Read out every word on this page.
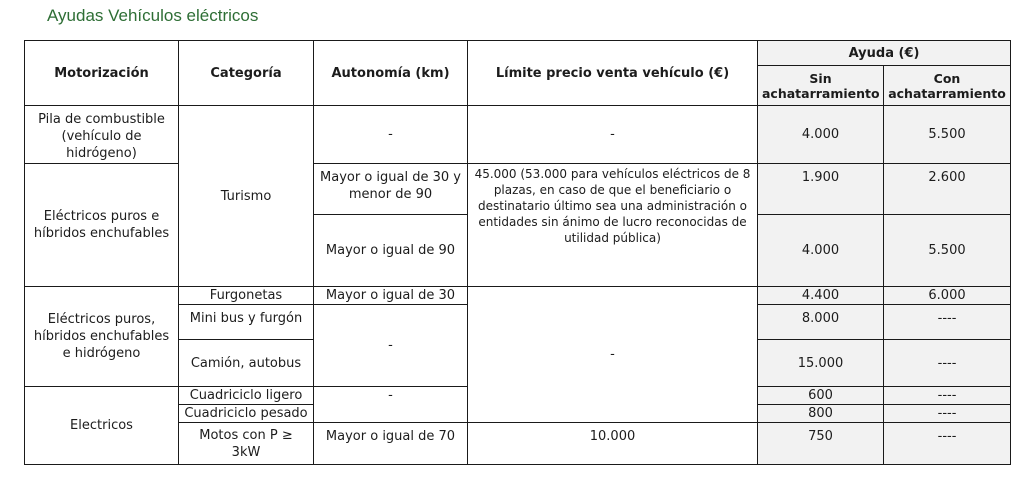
Ayudas Vehículos eléctricos
Motorización	Categoría	Autonomía (km)	Límite precio venta vehículo (€)	Ayuda (€)	
				Sin achatarramiento	Con achatarramiento
Pila de combustible (vehículo de hidrógeno)	Turismo	-	-	4.000	5.500
Eléctricos puros e híbridos enchufables		Mayor o igual de 30 y menor de 90	45.000 (53.000 para vehículos eléctricos de 8 plazas, en caso de que el beneficiario o destinatario último sea una administración o entidades sin ánimo de lucro reconocidas de utilidad pública)	1.900	2.600
		Mayor o igual de 90		4.000	5.500
Eléctricos puros, híbridos enchufables e hidrógeno	Furgonetas	Mayor o igual de 30	-	4.400	6.000
	Mini bus y furgón	-		8.000	----
	Camión, autobus			15.000	----
Electricos	Cuadriciclo ligero	-		600	----
	Cuadriciclo pesado			800	----
	Motos con P ≥ 3kW	Mayor o igual de 70	10.000	750	----
